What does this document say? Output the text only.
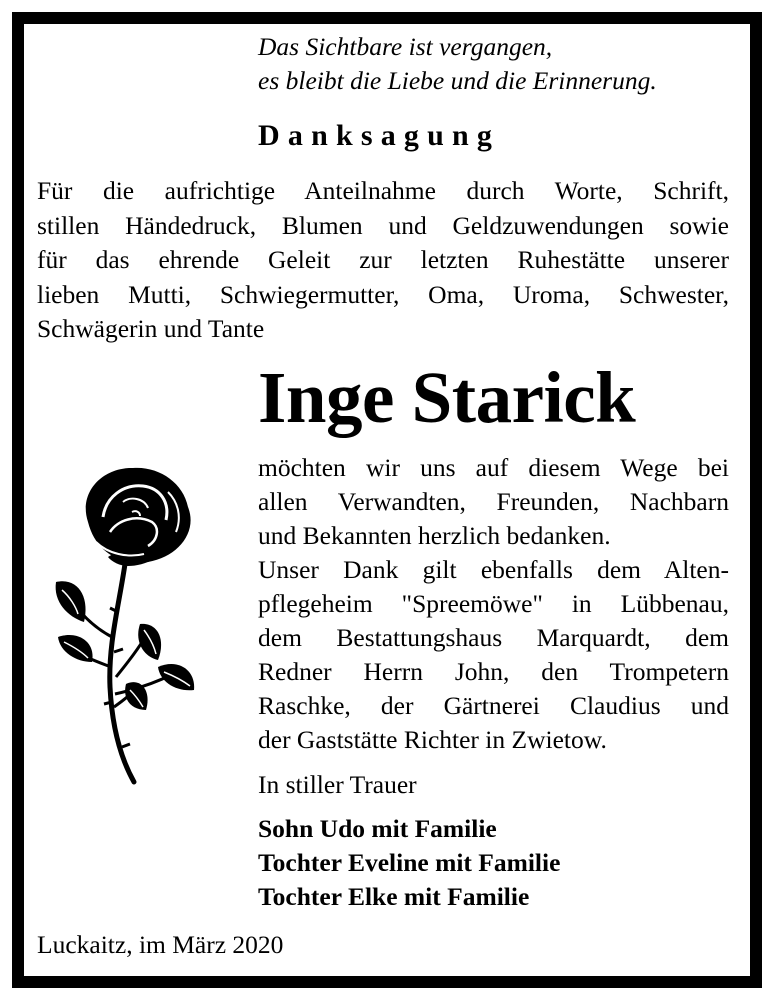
Das Sichtbare ist vergangen,
es bleibt die Liebe und die Erinnerung.
Danksagung
Für die aufrichtige Anteilnahme durch Worte, Schrift,
stillen Händedruck, Blumen und Geldzuwendungen sowie
für das ehrende Geleit zur letzten Ruhestätte unserer
lieben Mutti, Schwiegermutter, Oma, Uroma, Schwester,
Schwägerin und Tante
Inge Starick
möchten wir uns auf diesem Wege bei
allen Verwandten, Freunden, Nachbarn
und Bekannten herzlich bedanken.
Unser Dank gilt ebenfalls dem Alten-
pflegeheim "Spreemöwe" in Lübbenau,
dem Bestattungshaus Marquardt, dem
Redner Herrn John, den Trompetern
Raschke, der Gärtnerei Claudius und
der Gaststätte Richter in Zwietow.
In stiller Trauer
Sohn Udo mit Familie
Tochter Eveline mit Familie
Tochter Elke mit Familie
Luckaitz, im März 2020
